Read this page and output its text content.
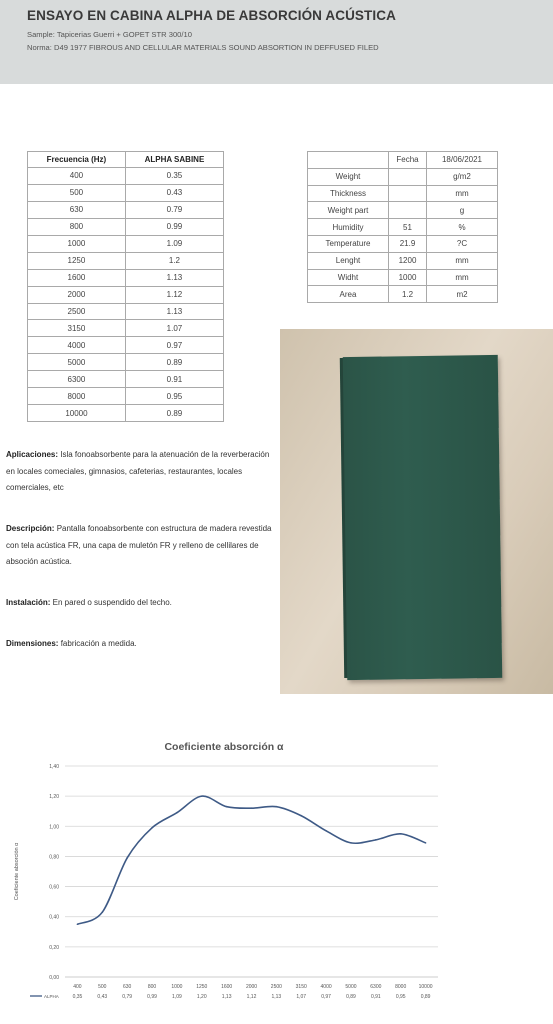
ENSAYO EN CABINA ALPHA DE ABSORCIÓN ACÚSTICA
Sample: Tapicerias Guerri + GOPET STR 300/10
Norma: D49 1977 FIBROUS AND CELLULAR MATERIALS SOUND ABSORTION IN DEFFUSED FILED
Frecuencia (Hz)	ALPHA SABINE
400	0.35
500	0.43
630	0.79
800	0.99
1000	1.09
1250	1.2
1600	1.13
2000	1.12
2500	1.13
3150	1.07
4000	0.97
5000	0.89
6300	0.91
8000	0.95
10000	0.89
	Fecha	18/06/2021
Weight		g/m2
Thickness		mm
Weight part		g
Humidity	51	%
Temperature	21.9	?C
Lenght	1200	mm
Widht	1000	mm
Area	1.2	m2
Aplicaciones: Isla fonoabsorbente para la atenuación de la reverberación en locales comeciales, gimnasios, cafeterias, restaurantes, locales comerciales, etc
Descripción: Pantalla fonoabsorbente con estructura de madera revestida con tela acústica FR, una capa de muletón FR y relleno de cellilares de absoción acústica.
Instalación: En pared o suspendido del techo.
Dimensiones: fabricación a medida.
Coeficiente absorción α
Coeficiente absorción α
0,00
0,20
0,40
0,60
0,80
1,00
1,20
1,40
400
0,35
500
0,43
630
0,79
800
0,99
1000
1,09
1250
1,20
1600
1,13
2000
1,12
2500
1,13
3150
1,07
4000
0,97
5000
0,89
6300
0,91
8000
0,95
10000
0,89
ALPHA
